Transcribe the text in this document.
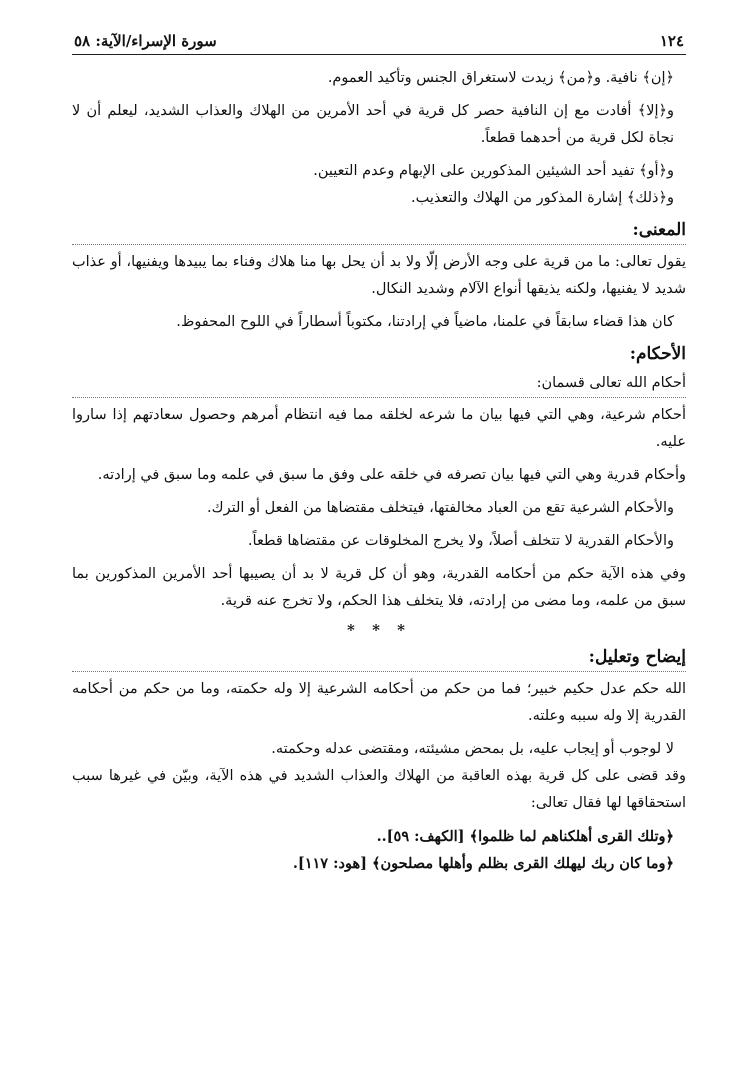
١٢٤
سورة الإسراء/الآية: ٥٨

﴿إن﴾ نافية. و﴿من﴾ زيدت لاستغراق الجنس وتأكيد العموم.

و﴿إلا﴾ أفادت مع إن النافية حصر كل قرية في أحد الأمرين من الهلاك والعذاب الشديد، ليعلم أن لا نجاة لكل قرية من أحدهما قطعاً.

و﴿أو﴾ تفيد أحد الشيئين المذكورين على الإبهام وعدم التعيين.

و﴿ذلك﴾ إشارة المذكور من الهلاك والتعذيب.

المعنى:

يقول تعالى: ما من قرية على وجه الأرض إلّا ولا بد أن يحل بها منا هلاك وفناء بما يبيدها ويفنيها، أو عذاب شديد لا يفنيها، ولكنه يذيقها أنواع الآلام وشديد النكال.

كان هذا قضاء سابقاً في علمنا، ماضياً في إرادتنا، مكتوباً أسطاراً في اللوح المحفوظ.

الأحكام:

أحكام الله تعالى قسمان:

أحكام شرعية، وهي التي فيها بيان ما شرعه لخلقه مما فيه انتظام أمرهم وحصول سعادتهم إذا ساروا عليه.

وأحكام قدرية وهي التي فيها بيان تصرفه في خلقه على وفق ما سبق في علمه وما سبق في إرادته.

والأحكام الشرعية تقع من العباد مخالفتها، فيتخلف مقتضاها من الفعل أو الترك.

والأحكام القدرية لا تتخلف أصلاً، ولا يخرج المخلوقات عن مقتضاها قطعاً.

وفي هذه الآية حكم من أحكامه القدرية، وهو أن كل قرية لا بد أن يصيبها أحد الأمرين المذكورين بما سبق من علمه، وما مضى من إرادته، فلا يتخلف هذا الحكم، ولا تخرج عنه قرية.

* * *
إيضاح وتعليل:

الله حكم عدل حكيم خبير؛ فما من حكم من أحكامه الشرعية إلا وله حكمته، وما من حكم من أحكامه القدرية إلا وله سببه وعلته.

لا لوجوب أو إيجاب عليه، بل بمحض مشيئته، ومقتضى عدله وحكمته.

وقد قضى على كل قرية بهذه العاقبة من الهلاك والعذاب الشديد في هذه الآية، وبيّن في غيرها سبب استحقاقها لها فقال تعالى:

﴿وتلك القرى أهلكناهم لما ظلموا﴾ [الكهف: ٥٩]..

﴿وما كان ربك ليهلك القرى بظلم وأهلها مصلحون﴾ [هود: ١١٧].
